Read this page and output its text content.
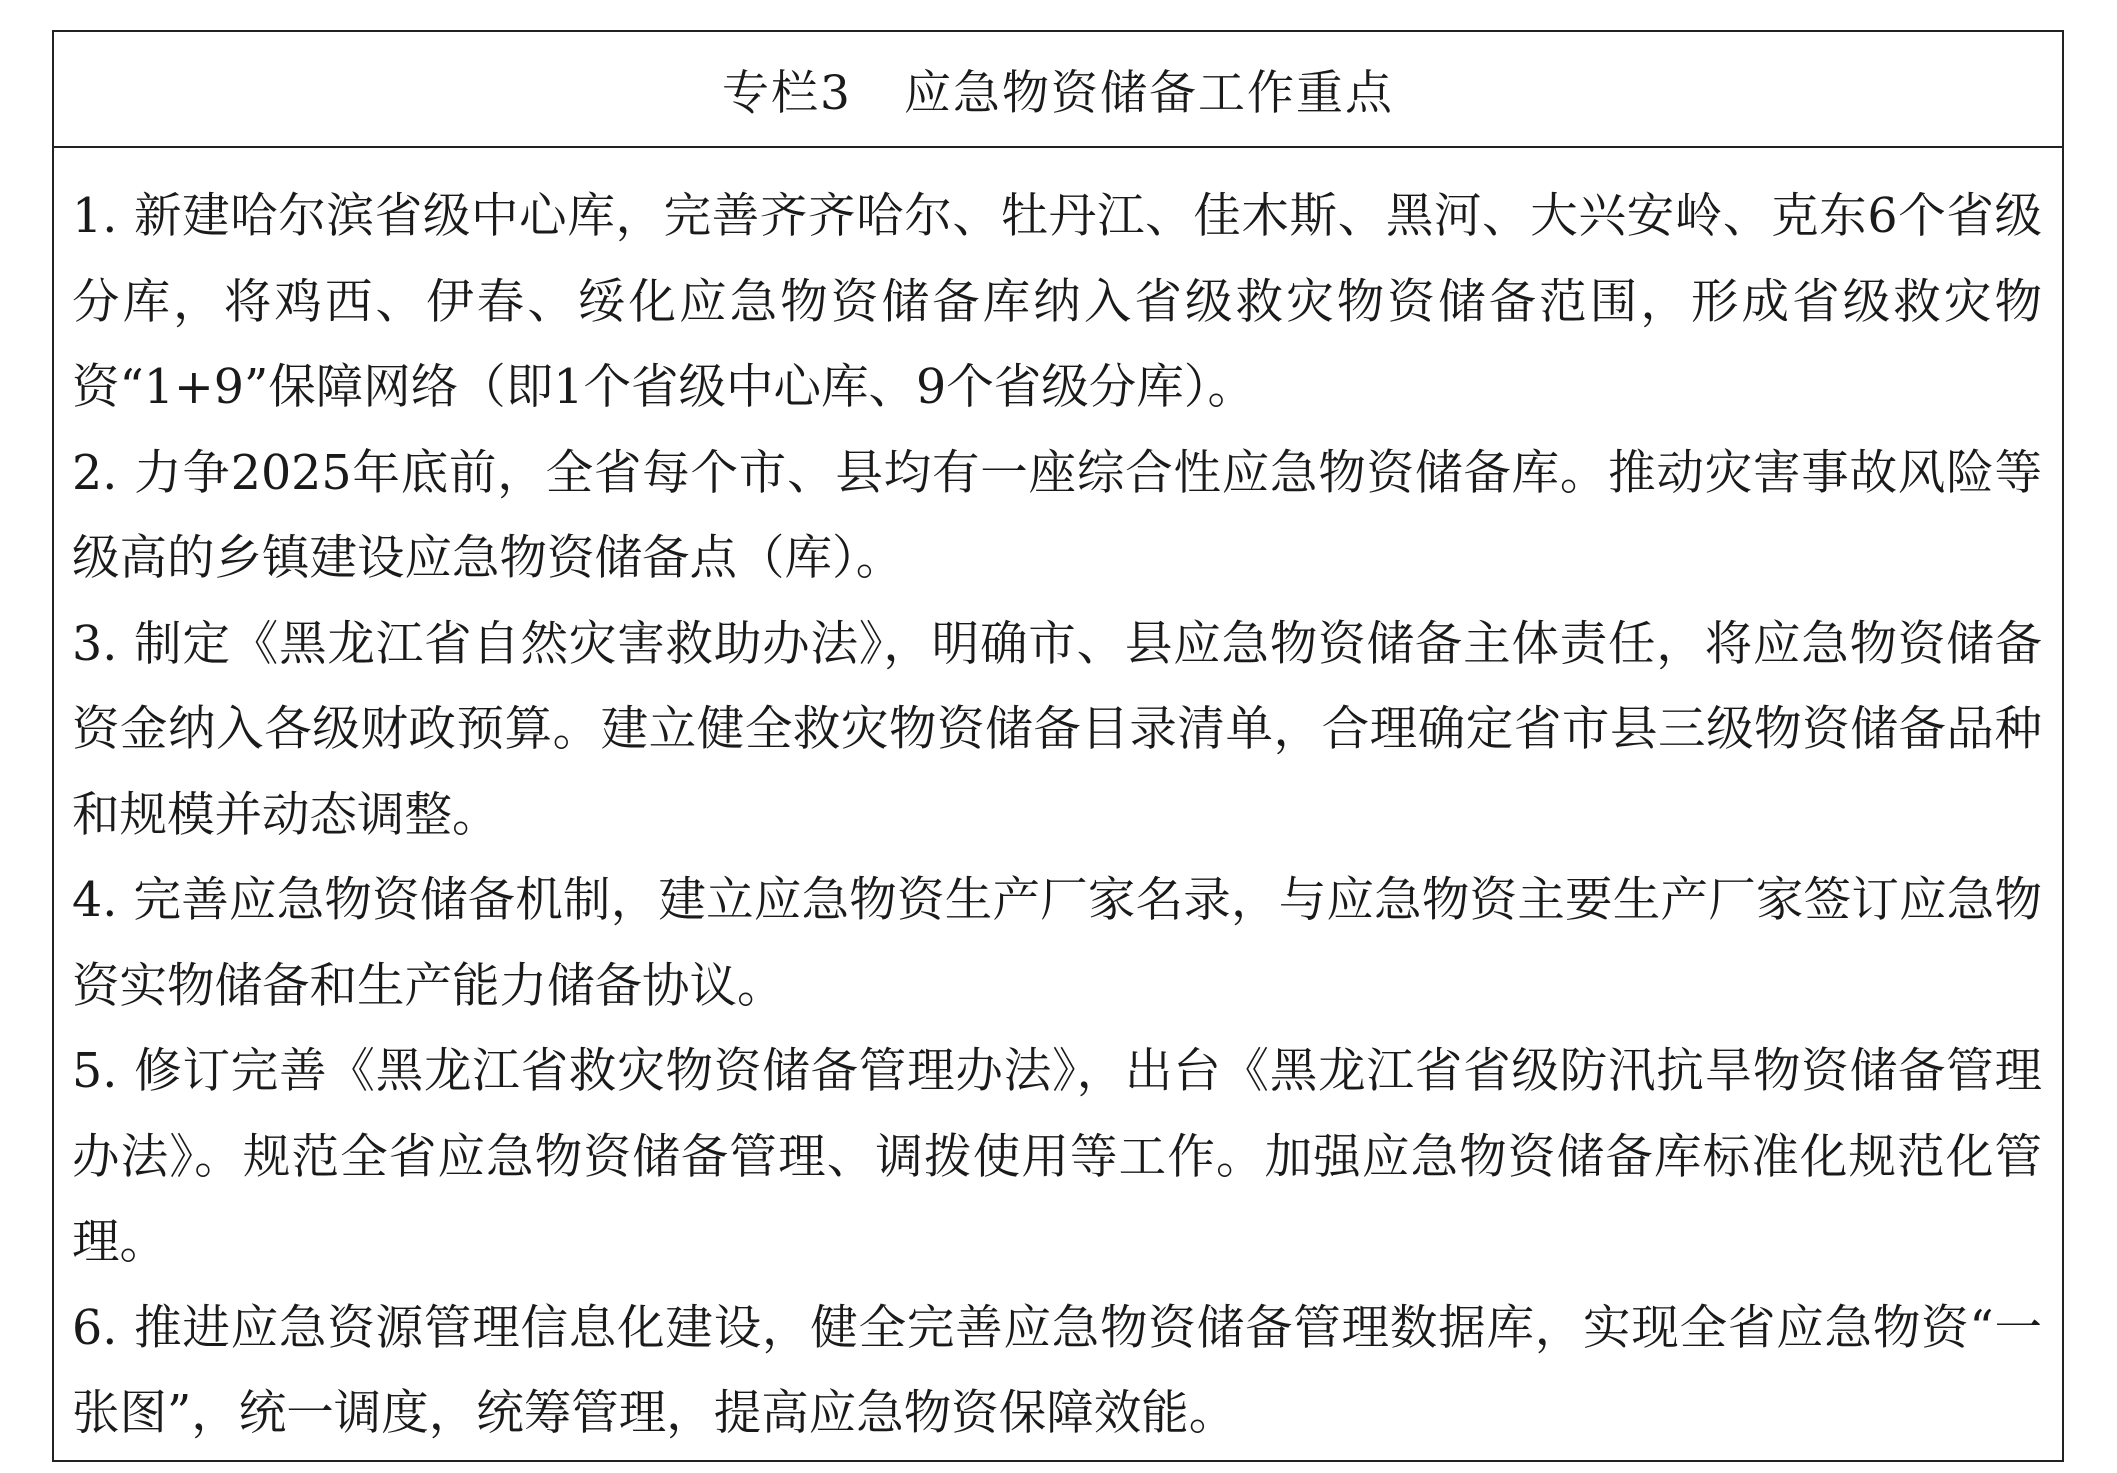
专栏3 应急物资储备工作重点

1. 新建哈尔滨省级中心库，完善齐齐哈尔、牡丹江、佳木斯、黑河、大兴安岭、克东6个省级分库，将鸡西、伊春、绥化应急物资储备库纳入省级救灾物资储备范围，形成省级救灾物资“1+9”保障网络（即1个省级中心库、9个省级分库）。

2. 力争2025年底前，全省每个市、县均有一座综合性应急物资储备库。推动灾害事故风险等级高的乡镇建设应急物资储备点（库）。

3. 制定《黑龙江省自然灾害救助办法》，明确市、县应急物资储备主体责任，将应急物资储备资金纳入各级财政预算。建立健全救灾物资储备目录清单，合理确定省市县三级物资储备品种和规模并动态调整。

4. 完善应急物资储备机制，建立应急物资生产厂家名录，与应急物资主要生产厂家签订应急物资实物储备和生产能力储备协议。

5. 修订完善《黑龙江省救灾物资储备管理办法》，出台《黑龙江省省级防汛抗旱物资储备管理办法》。规范全省应急物资储备管理、调拨使用等工作。加强应急物资储备库标准化规范化管理。

6. 推进应急资源管理信息化建设，健全完善应急物资储备管理数据库，实现全省应急物资“一张图”，统一调度，统筹管理，提高应急物资保障效能。
